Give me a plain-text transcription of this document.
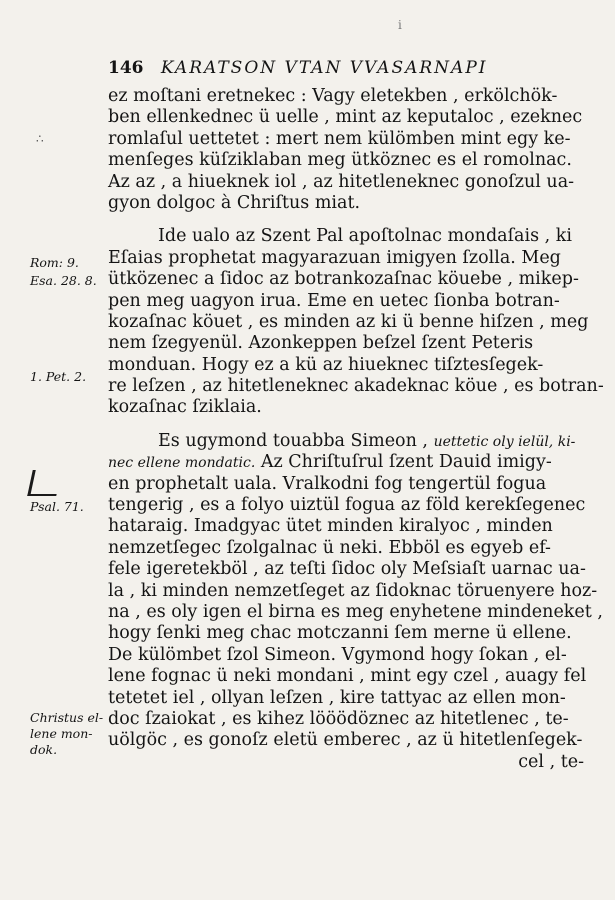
i
146 KARATSON VTAN VVASARNAPI
∴
Rom: 9.
Esa. 28. 8.
1. Pet. 2.
Psal. 71.
Christus el-
lene mon-
dok.
ez moſtani eretnekec : Vagy eletekben , erkölchök-
ben ellenkednec ü uelle , mint az keputaloc , ezeknec
romlaſul uettetet : mert nem külömben mint egy ke-
menſeges küſziklaban meg ütköznec es el romolnac.
Az az , a hiueknek iol , az hitetleneknec gonoſzul ua-
gyon dolgoc à Chriſtus miat.
Ide ualo az Szent Pal apoſtolnac mondaſais , ki
Eſaias prophetat magyarazuan imigyen ſzolla. Meg
ütközenec a ſidoc az botrankozaſnac köuebe , mikep-
pen meg uagyon irua. Eme en uetec ſionba botran-
kozaſnac köuet , es minden az ki ü benne hiſzen , meg
nem ſzegyenül. Azonkeppen beſzel ſzent Peteris
monduan. Hogy ez a kü az hiueknec tiſztesſegek-
re leſzen , az hitetleneknec akadeknac köue , es botran-
kozaſnac ſziklaia.
Es ugymond touabba Simeon , uettetic oly ielül, ki-
nec ellene mondatic. Az Chriſtuſrul ſzent Dauid imigy-
en prophetalt uala. Vralkodni fog tengertül fogua
tengerig , es a folyo uiztül fogua az föld kerekſegenec
hataraig. Imadgyac ütet minden kiralyoc , minden
nemzetſegec ſzolgalnac ü neki. Ebböl es egyeb ef-
fele igeretekböl , az teſti ſidoc oly Meſsiaſt uarnac ua-
la , ki minden nemzetſeget az ſidoknac töruenyere hoz-
na , es oly igen el birna es meg enyhetene mindeneket ,
hogy ſenki meg chac motczanni ſem merne ü ellene.
De külömbet ſzol Simeon. Vgymond hogy ſokan , el-
lene fognac ü neki mondani , mint egy czel , auagy fel
tetetet iel , ollyan leſzen , kire tattyac az ellen mon-
doc ſzaiokat , es kihez lööödöznec az hitetlenec , te-
uölgöc , es gonoſz eletü emberec , az ü hitetlenſegek-
cel , te-
